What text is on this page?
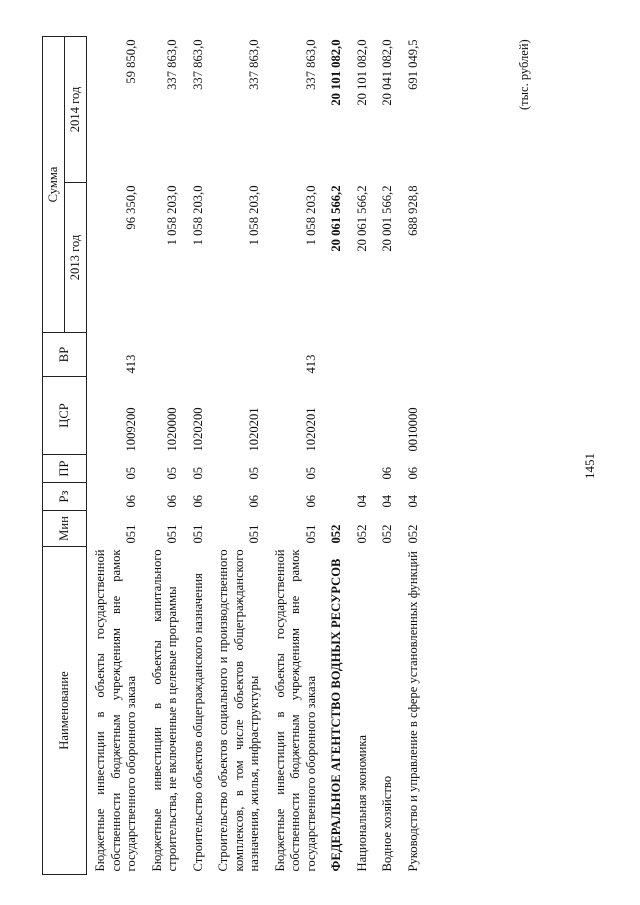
1451
(тыс. рублей)
Наименование	Мин	Рз	ПР	ЦСР	ВР	Сумма	
						2013 год	2014 год
Бюджетные инвестиции в объекты государственной собственности бюджетным учреждениям вне рамок государственного оборонного заказа	051	06	05	1009200	413	96 350,0	59 850,0
Бюджетные инвестиции в объекты капитального строительства, не включенные в целевые программы	051	06	05	1020000		1 058 203,0	337 863,0
Строительство объектов общегражданского назначения	051	06	05	1020200		1 058 203,0	337 863,0
Строительство объектов социального и производственного комплексов, в том числе объектов общегражданского назначения, жилья, инфраструктуры	051	06	05	1020201		1 058 203,0	337 863,0
Бюджетные инвестиции в объекты государственной собственности бюджетным учреждениям вне рамок государственного оборонного заказа	051	06	05	1020201	413	1 058 203,0	337 863,0
ФЕДЕРАЛЬНОЕ АГЕНТСТВО ВОДНЫХ РЕСУРСОВ	052					20 061 566,2	20 101 082,0
Национальная экономика	052	04				20 061 566,2	20 101 082,0
Водное хозяйство	052	04	06			20 001 566,2	20 041 082,0
Руководство и управление в сфере установленных функций	052	04	06	0010000		688 928,8	691 049,5
